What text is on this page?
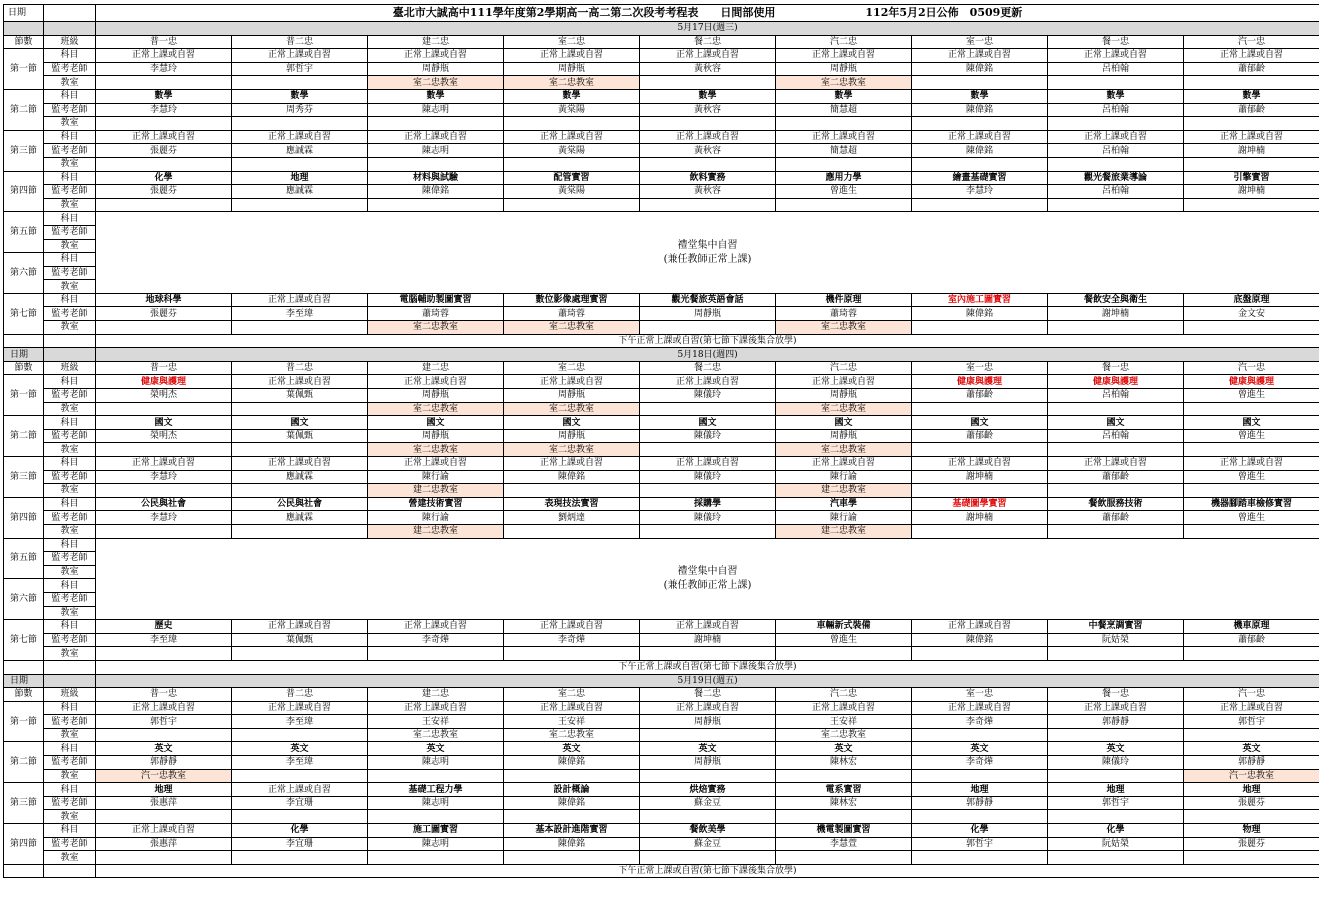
日期		臺北市大誠高中111學年度第2學期高一高二第二次段考考程表　　日間部使用 112年5月2日公佈　0509更新								
		5月17日(週三)								
節數	班級	普一忠	普二忠	建二忠	室二忠	餐二忠	汽二忠	室一忠	餐一忠	汽一忠
第一節	科目	正常上課或自習	正常上課或自習	正常上課或自習	正常上課或自習	正常上課或自習	正常上課或自習	正常上課或自習	正常上課或自習	正常上課或自習
	監考老師	李慧玲	郭哲宇	周靜瓶	周靜瓶	黃秋容	周靜瓶	陳偉銘	呂柏翰	蕭郁齡
	教室			室二忠教室	室二忠教室		室二忠教室			
第二節	科目	數學	數學	數學	數學	數學	數學	數學	數學	數學
	監考老師	李慧玲	周秀芬	陳志明	黃棠陽	黃秋容	簡慧超	陳偉銘	呂柏翰	蕭郁齡
	教室									
第三節	科目	正常上課或自習	正常上課或自習	正常上課或自習	正常上課或自習	正常上課或自習	正常上課或自習	正常上課或自習	正常上課或自習	正常上課或自習
	監考老師	張麗芬	應誠霖	陳志明	黃棠陽	黃秋容	簡慧超	陳偉銘	呂柏翰	謝坤楠
	教室									
第四節	科目	化學	地理	材料與試驗	配管實習	飲料實務	應用力學	繪畫基礎實習	觀光餐旅業導論	引擎實習
	監考老師	張麗芬	應誠霖	陳偉銘	黃棠陽	黃秋容	曾進生	李慧玲	呂柏翰	謝坤楠
	教室									
第五節	科目	禮堂集中自習
(兼任教師正常上課)								

	監考老師									
	教室									
第六節	科目									
	監考老師									
	教室									
第七節	科目	地球科學	正常上課或自習	電腦輔助製圖實習	數位影像處理實習	觀光餐旅英語會話	機件原理	室內施工圖實習	餐飲安全與衛生	底盤原理
	監考老師	張麗芬	李至瑋	蕭琦蓉	蕭琦蓉	周靜瓶	蕭琦蓉	陳偉銘	謝坤楠	金文安
	教室			室二忠教室	室二忠教室		室二忠教室			
		下午正常上課或自習(第七節下課後集合放學)								
日期		5月18日(週四)								
節數	班級	普一忠	普二忠	建二忠	室二忠	餐二忠	汽二忠	室一忠	餐一忠	汽一忠
第一節	科目	健康與護理	正常上課或自習	正常上課或自習	正常上課或自習	正常上課或自習	正常上課或自習	健康與護理	健康與護理	健康與護理
	監考老師	榮明杰	葉佩甄	周靜瓶	周靜瓶	陳儀玲	周靜瓶	蕭郁齡	呂柏翰	曾進生
	教室			室二忠教室	室二忠教室		室二忠教室			
第二節	科目	國文	國文	國文	國文	國文	國文	國文	國文	國文
	監考老師	榮明杰	葉佩甄	周靜瓶	周靜瓶	陳儀玲	周靜瓶	蕭郁齡	呂柏翰	曾進生
	教室			室二忠教室	室二忠教室		室二忠教室			
第三節	科目	正常上課或自習	正常上課或自習	正常上課或自習	正常上課或自習	正常上課或自習	正常上課或自習	正常上課或自習	正常上課或自習	正常上課或自習
	監考老師	李慧玲	應誠霖	陳行諭	陳偉銘	陳儀玲	陳行諭	謝坤楠	蕭郁齡	曾進生
	教室			建二忠教室			建二忠教室			
第四節	科目	公民與社會	公民與社會	營建技術實習	表現技法實習	採購學	汽車學	基礎圖學實習	餐飲服務技術	機器腳踏車檢修實習
	監考老師	李慧玲	應誠霖	陳行諭	劉炳達	陳儀玲	陳行諭	謝坤楠	蕭郁齡	曾進生
	教室			建二忠教室			建二忠教室			
第五節	科目	禮堂集中自習
(兼任教師正常上課)								

	監考老師									
	教室									
第六節	科目									
	監考老師									
	教室									
第七節	科目	歷史	正常上課或自習	正常上課或自習	正常上課或自習	正常上課或自習	車輛新式裝備	正常上課或自習	中餐烹調實習	機車原理
	監考老師	李至瑋	葉佩甄	李奇燁	李奇燁	謝坤楠	曾進生	陳偉銘	阮姑榮	蕭郁齡
	教室									
		下午正常上課或自習(第七節下課後集合放學)								
日期		5月19日(週五)								
節數	班級	普一忠	普二忠	建二忠	室二忠	餐二忠	汽二忠	室一忠	餐一忠	汽一忠
第一節	科目	正常上課或自習	正常上課或自習	正常上課或自習	正常上課或自習	正常上課或自習	正常上課或自習	正常上課或自習	正常上課或自習	正常上課或自習
	監考老師	郭哲宇	李至瑋	王安祥	王安祥	周靜瓶	王安祥	李奇燁	郭靜靜	郭哲宇
	教室			室二忠教室	室二忠教室		室二忠教室			
第二節	科目	英文	英文	英文	英文	英文	英文	英文	英文	英文
	監考老師	郭靜靜	李至瑋	陳志明	陳偉銘	周靜瓶	陳林宏	李奇燁	陳儀玲	郭靜靜
	教室	汽一忠教室								汽一忠教室
第三節	科目	地理	正常上課或自習	基礎工程力學	設計概論	烘焙實務	電系實習	地理	地理	地理
	監考老師	張惠萍	李宜珊	陳志明	陳偉銘	蘇金豆	陳林宏	郭靜靜	郭哲宇	張麗芬
	教室									
第四節	科目	正常上課或自習	化學	施工圖實習	基本設計進階實習	餐飲美學	機電製圖實習	化學	化學	物理
	監考老師	張惠萍	李宜珊	陳志明	陳偉銘	蘇金豆	李慧萱	郭哲宇	阮姑榮	張麗芬
	教室									
		下午正常上課或自習(第七節下課後集合放學)								
